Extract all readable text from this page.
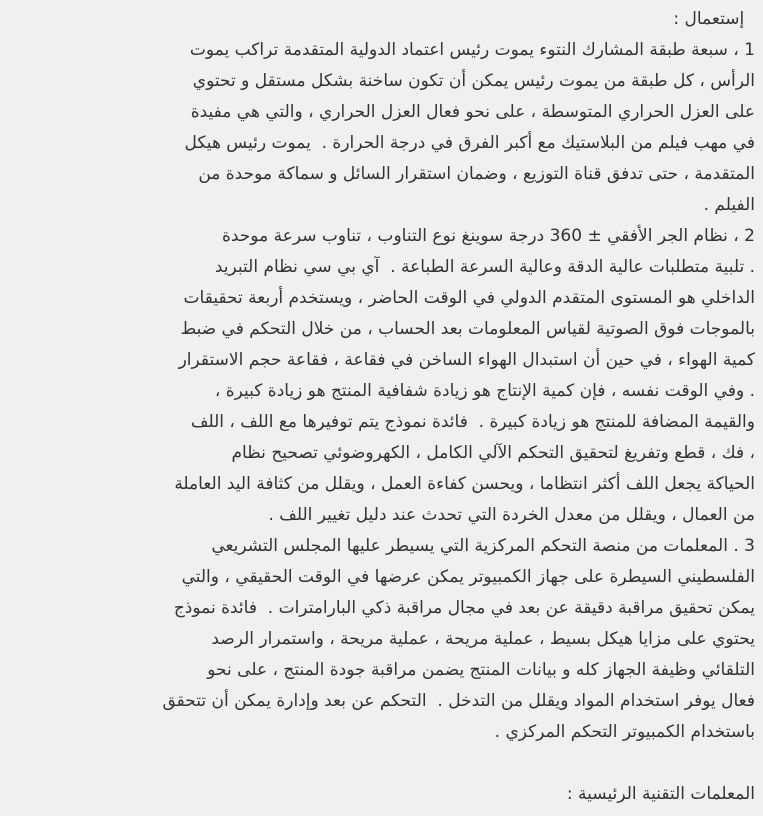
إستعمال :
1 ، سبعة طبقة المشارك النتوء يموت رئيس اعتماد الدولية المتقدمة تراكب يموت
الرأس ، كل طبقة من يموت رئيس يمكن أن تكون ساخنة بشكل مستقل و تحتوي
على العزل الحراري المتوسطة ، على نحو فعال العزل الحراري ، والتي هي مفيدة
في مهب فيلم من البلاستيك مع أكبر الفرق في درجة الحرارة .  يموت رئيس هيكل
المتقدمة ، حتى تدفق قناة التوزيع ، وضمان استقرار السائل و سماكة موحدة من
الفيلم .
2 ، نظام الجر الأفقي ± 360 درجة سوينغ نوع التناوب ، تناوب سرعة موحدة
. تلبية متطلبات عالية الدقة وعالية السرعة الطباعة .  آي بي سي نظام التبريد
الداخلي هو المستوى المتقدم الدولي في الوقت الحاضر ، ويستخدم أربعة تحقيقات
بالموجات فوق الصوتية لقياس المعلومات بعد الحساب ، من خلال التحكم في ضبط
كمية الهواء ، في حين أن استبدال الهواء الساخن في فقاعة ، فقاعة حجم الاستقرار
. وفي الوقت نفسه ، فإن كمية الإنتاج هو زيادة شفافية المنتج هو زيادة كبيرة ،
والقيمة المضافة للمنتج هو زيادة كبيرة .  فائدة نموذج يتم توفيرها مع اللف ، اللف
، فك ، قطع وتفريغ لتحقيق التحكم الآلي الكامل ، الكهروضوئي تصحيح نظام
الحياكة يجعل اللف أكثر انتظاما ، ويحسن كفاءة العمل ، ويقلل من كثافة اليد العاملة
من العمال ، ويقلل من معدل الخردة التي تحدث عند دليل تغيير اللف .
3 . المعلمات من منصة التحكم المركزية التي يسيطر عليها المجلس التشريعي
الفلسطيني السيطرة على جهاز الكمبيوتر يمكن عرضها في الوقت الحقيقي ، والتي
يمكن تحقيق مراقبة دقيقة عن بعد في مجال مراقبة ذكي البارامترات .  فائدة نموذج
يحتوي على مزايا هيكل بسيط ، عملية مريحة ، عملية مريحة ، واستمرار الرصد
التلقائي وظيفة الجهاز كله و بيانات المنتج يضمن مراقبة جودة المنتج ، على نحو
فعال يوفر استخدام المواد ويقلل من التدخل .  التحكم عن بعد وإدارة يمكن أن تتحقق
باستخدام الكمبيوتر التحكم المركزي .
المعلمات التقنية الرئيسية :
